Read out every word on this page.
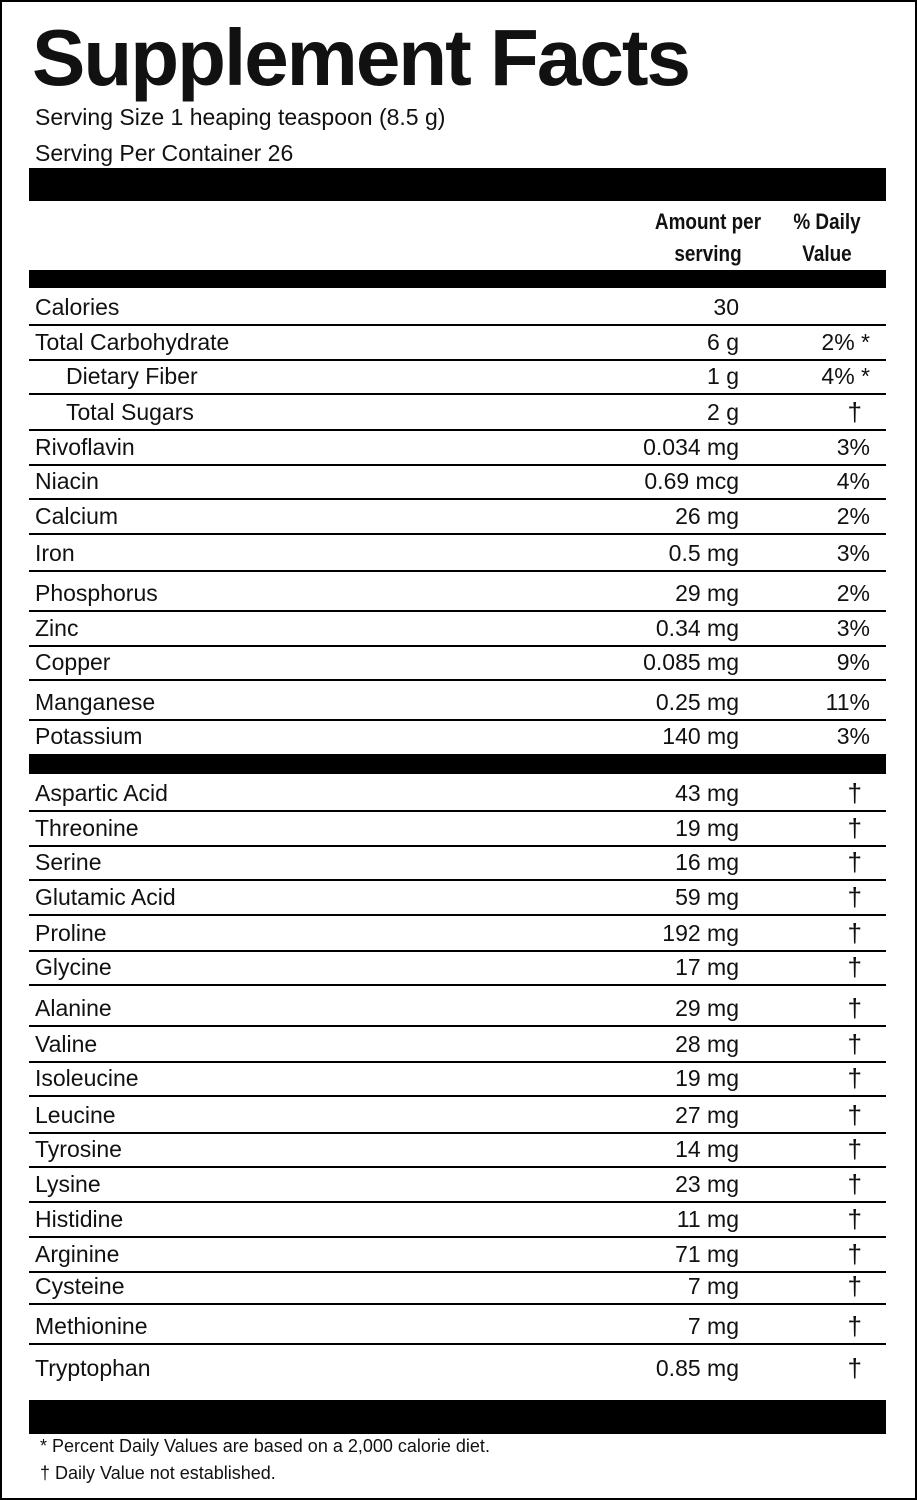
Supplement Facts
Serving Size 1 heaping teaspoon (8.5 g)
Serving Per Container 26
Amount per
serving
% Daily
Value
Calories	30
Total Carbohydrate	6 g	2% *
Dietary Fiber	1 g	4% *
Total Sugars	2 g	†
Rivoflavin	0.034 mg	3%
Niacin	0.69 mcg	4%
Calcium	26 mg	2%
Iron	0.5 mg	3%
Phosphorus	29 mg	2%
Zinc	0.34 mg	3%
Copper	0.085 mg	9%
Manganese	0.25 mg	11%
Potassium	140 mg	3%
Aspartic Acid	43 mg	†
Threonine	19 mg	†
Serine	16 mg	†
Glutamic Acid	59 mg	†
Proline	192 mg	†
Glycine	17 mg	†
Alanine	29 mg	†
Valine	28 mg	†
Isoleucine	19 mg	†
Leucine	27 mg	†
Tyrosine	14 mg	†
Lysine	23 mg	†
Histidine	11 mg	†
Arginine	71 mg	†
Cysteine	7 mg	†
Methionine	7 mg	†
Tryptophan	0.85 mg	†
* Percent Daily Values are based on a 2,000 calorie diet.
† Daily Value not established.
